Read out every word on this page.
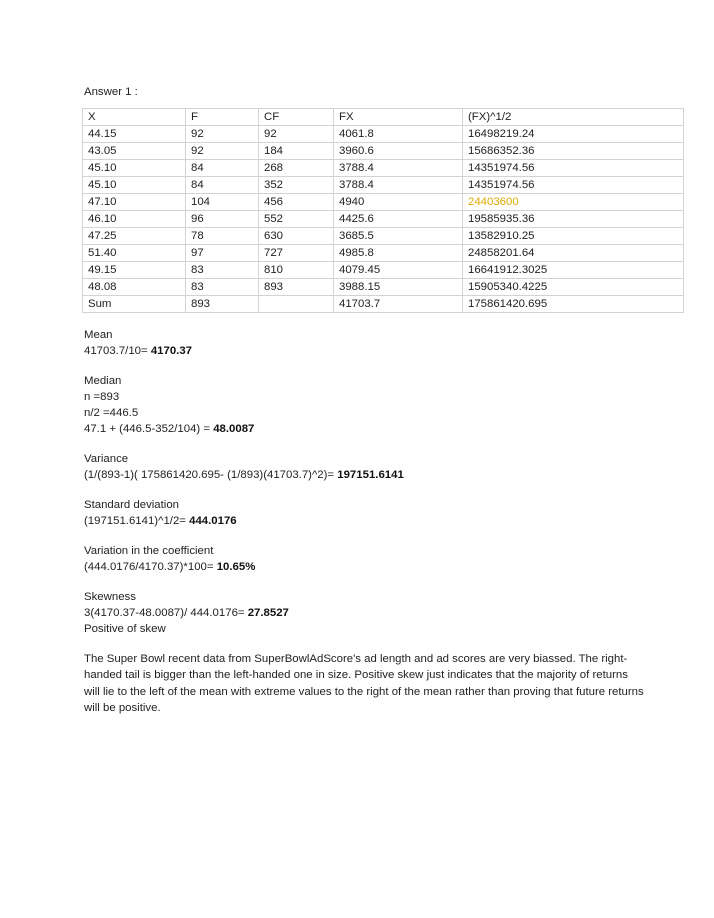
Answer 1 :
X	F	CF	FX	(FX)^1/2
44.15	92	92	4061.8	16498219.24
43.05	92	184	3960.6	15686352.36
45.10	84	268	3788.4	14351974.56
45.10	84	352	3788.4	14351974.56
47.10	104	456	4940	24403600
46.10	96	552	4425.6	19585935.36
47.25	78	630	3685.5	13582910.25
51.40	97	727	4985.8	24858201.64
49.15	83	810	4079.45	16641912.3025
48.08	83	893	3988.15	15905340.4225
Sum	893		41703.7	175861420.695
Mean
41703.7/10= 4170.37
Median
n =893
n/2 =446.5
47.1 + (446.5-352/104) = 48.0087
Variance
(1/(893-1)( 175861420.695- (1/893)(41703.7)^2)= 197151.6141
Standard deviation
(197151.6141)^1/2= 444.0176
Variation in the coefficient
(444.0176/4170.37)*100= 10.65%
Skewness
3(4170.37-48.0087)/ 444.0176= 27.8527
Positive of skew
The Super Bowl recent data from SuperBowlAdScore's ad length and ad scores are very biassed. The right-handed tail is bigger than the left-handed one in size. Positive skew just indicates that the majority of returns will lie to the left of the mean with extreme values to the right of the mean rather than proving that future returns will be positive.
